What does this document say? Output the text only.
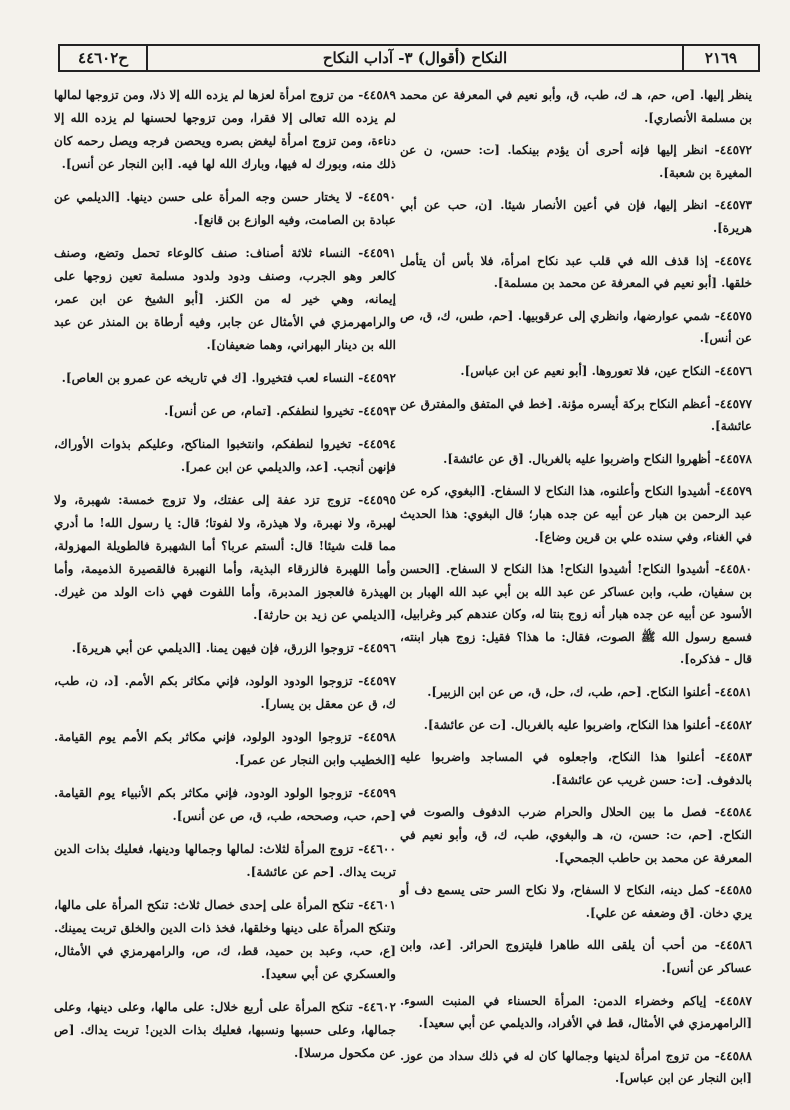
٢١٦٩
النكاح (أقوال) ٣- آداب النكاح
ح٤٤٦٠٢

ينظر إليها. [ص، حم، هـ ك، طب، ق، وأبو نعيم في المعرفة عن محمد بن مسلمة الأنصاري].

٤٤٥٧٢- انظر إليها فإنه أحرى أن يؤدم بينكما. [ت: حسن، ن عن المغيرة بن شعبة].

٤٤٥٧٣- انظر إليها، فإن في أعين الأنصار شيئا. [ن، حب عن أبي هريرة].

٤٤٥٧٤- إذا قذف الله في قلب عبد نكاح امرأة، فلا بأس أن يتأمل خلقها. [أبو نعيم في المعرفة عن محمد بن مسلمة].

٤٤٥٧٥- شمي عوارضها، وانظري إلى عرقوبيها. [حم، طس، ك، ق، ص عن أنس].

٤٤٥٧٦- النكاح عين، فلا تعوروها. [أبو نعيم عن ابن عباس].

٤٤٥٧٧- أعظم النكاح بركة أيسره مؤنة. [خط في المتفق والمفترق عن عائشة].

٤٤٥٧٨- أظهروا النكاح واضربوا عليه بالغربال. [ق عن عائشة].

٤٤٥٧٩- أشيدوا النكاح وأعلنوه، هذا النكاح لا السفاح. [البغوي، كره عن عبد الرحمن بن هبار عن أبيه عن جده هبار؛ قال البغوي: هذا الحديث في الغناء، وفي سنده علي بن قرين وضاع].

٤٤٥٨٠- أشيدوا النكاح! أشيدوا النكاح! هذا النكاح لا السفاح. [الحسن بن سفيان، طب، وابن عساكر عن عبد الله بن أبي عبد الله الهبار بن الأسود عن أبيه عن جده هبار أنه زوج بنتا له، وكان عندهم كبر وغرابيل، فسمع رسول الله ﷺ الصوت، فقال: ما هذا؟ فقيل: زوج هبار ابنته، قال - فذكره].

٤٤٥٨١- أعلنوا النكاح. [حم، طب، ك، حل، ق، ص عن ابن الزبير].

٤٤٥٨٢- أعلنوا هذا النكاح، واضربوا عليه بالغربال. [ت عن عائشة].

٤٤٥٨٣- أعلنوا هذا النكاح، واجعلوه في المساجد واضربوا عليه بالدفوف. [ت: حسن غريب عن عائشة].

٤٤٥٨٤- فصل ما بين الحلال والحرام ضرب الدفوف والصوت في النكاح. [حم، ت: حسن، ن، هـ والبغوي، طب، ك، ق، وأبو نعيم في المعرفة عن محمد بن حاطب الجمحي].

٤٤٥٨٥- كمل دينه، النكاح لا السفاح، ولا نكاح السر حتى يسمع دف أو يري دخان. [ق وضعفه عن علي].

٤٤٥٨٦- من أحب أن يلقى الله طاهرا فليتزوج الحرائر. [عد، وابن عساكر عن أنس].

٤٤٥٨٧- إياكم وخضراء الدمن: المرأة الحسناء في المنبت السوء. [الرامهرمزي في الأمثال، قط في الأفراد، والديلمي عن أبي سعيد].

٤٤٥٨٨- من تزوج امرأة لدينها وجمالها كان له في ذلك سداد من عوز. [ابن النجار عن ابن عباس].

٤٤٥٨٩- من تزوج امرأة لعزها لم يزده الله إلا ذلا، ومن تزوجها لمالها لم يزده الله تعالى إلا فقرا، ومن تزوجها لحسنها لم يزده الله إلا دناءة، ومن تزوج امرأة ليغض بصره ويحصن فرجه ويصل رحمه كان ذلك منه، وبورك له فيها، وبارك الله لها فيه. [ابن النجار عن أنس].

٤٤٥٩٠- لا يختار حسن وجه المرأة على حسن دينها. [الديلمي عن عبادة بن الصامت، وفيه الوازع بن قانع].

٤٤٥٩١- النساء ثلاثة أصناف: صنف كالوعاء تحمل وتضع، وصنف كالعر وهو الجرب، وصنف ودود ولدود مسلمة تعين زوجها على إيمانه، وهي خير له من الكنز. [أبو الشيخ عن ابن عمر، والرامهرمزي في الأمثال عن جابر، وفيه أرطاة بن المنذر عن عبد الله بن دينار البهراني، وهما ضعيفان].

٤٤٥٩٢- النساء لعب فتخيروا. [ك في تاريخه عن عمرو بن العاص].

٤٤٥٩٣- تخيروا لنطفكم. [تمام، ص عن أنس].

٤٤٥٩٤- تخيروا لنطفكم، وانتخبوا المناكح، وعليكم بذوات الأوراك، فإنهن أنجب. [عد، والديلمي عن ابن عمر].

٤٤٥٩٥- تزوج تزد عفة إلى عفتك، ولا تزوج خمسة: شهبرة، ولا لهبرة، ولا نهبرة، ولا هيذرة، ولا لفوتا؛ قال: يا رسول الله! ما أدري مما قلت شيئا! قال: ألستم عربا؟ أما الشهبرة فالطويلة المهزولة، وأما اللهبرة فالزرقاء البذية، وأما النهبرة فالقصيرة الذميمة، وأما الهيذرة فالعجوز المدبرة، وأما اللفوت فهي ذات الولد من غيرك. [الديلمي عن زيد بن حارثة].

٤٤٥٩٦- تزوجوا الزرق، فإن فيهن يمنا. [الديلمي عن أبي هريرة].

٤٤٥٩٧- تزوجوا الودود الولود، فإني مكاثر بكم الأمم. [د، ن، طب، ك، ق عن معقل بن يسار].

٤٤٥٩٨- تزوجوا الودود الولود، فإني مكاثر بكم الأمم يوم القيامة. [الخطيب وابن النجار عن عمر].

٤٤٥٩٩- تزوجوا الولود الودود، فإني مكاثر بكم الأنبياء يوم القيامة. [حم، حب، وصححه، طب، ق، ص عن أنس].

٤٤٦٠٠- تزوج المرأة لثلاث: لمالها وجمالها ودينها، فعليك بذات الدين تربت يداك. [حم عن عائشة].

٤٤٦٠١- تنكح المرأة على إحدى خصال ثلاث: تنكح المرأة على مالها، وتنكح المرأة على دينها وخلقها، فخذ ذات الدين والخلق تربت يمينك. [ع، حب، وعبد بن حميد، قط، ك، ص، والرامهرمزي في الأمثال، والعسكري عن أبي سعيد].

٤٤٦٠٢- تنكح المرأة على أربع خلال: على مالها، وعلى دينها، وعلى جمالها، وعلى حسبها ونسبها، فعليك بذات الدين! تربت يداك. [ص عن مكحول مرسلا].
